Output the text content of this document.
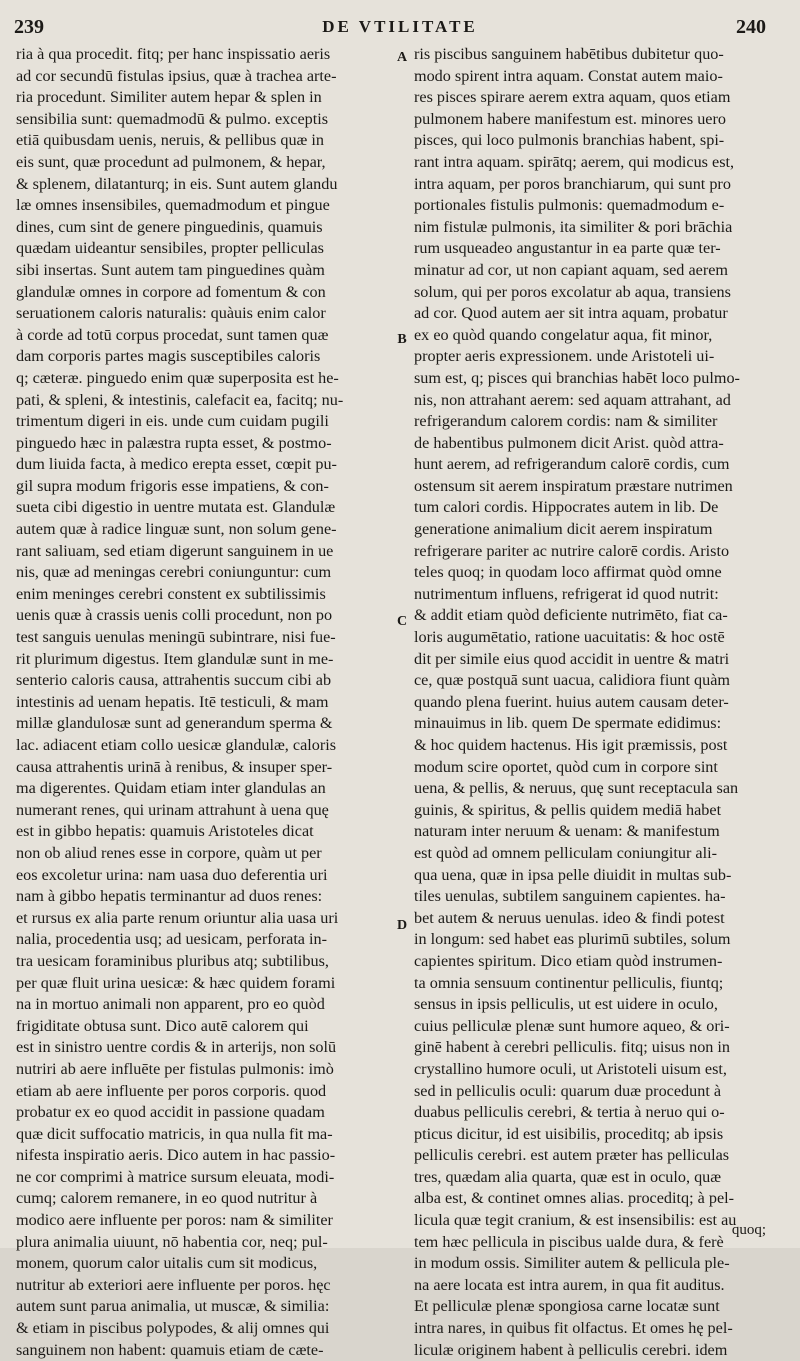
239	DE VTILITATE	240
ria à qua procedit. fitq; per hanc inspissatio aeris
ad cor secundū fistulas ipsius, quæ à trachea arte-
ria procedunt. Similiter autem hepar & splen in
sensibilia sunt: quemadmodū & pulmo. exceptis
etiā quibusdam uenis, neruis, & pellibus quæ in
eis sunt, quæ procedunt ad pulmonem, & hepar,
& splenem, dilatanturq; in eis. Sunt autem glandu
læ omnes insensibiles, quemadmodum et pingue
dines, cum sint de genere pinguedinis, quamuis
quædam uideantur sensibiles, propter pelliculas
sibi insertas. Sunt autem tam pinguedines quàm
glandulæ omnes in corpore ad fomentum & con
seruationem caloris naturalis: quàuis enim calor
à corde ad totū corpus procedat, sunt tamen quæ
dam corporis partes magis susceptibiles caloris
q; cæteræ. pinguedo enim quæ superposita est he-
pati, & spleni, & intestinis, calefacit ea, facitq; nu-
trimentum digeri in eis. unde cum cuidam pugili
pinguedo hæc in palæstra rupta esset, & postmo-
dum liuida facta, à medico erepta esset, cœpit pu-
gil supra modum frigoris esse impatiens, & con-
sueta cibi digestio in uentre mutata est. Glandulæ
autem quæ à radice linguæ sunt, non solum gene-
rant saliuam, sed etiam digerunt sanguinem in ue
nis, quæ ad meningas cerebri coniunguntur: cum
enim meninges cerebri constent ex subtilissimis
uenis quæ à crassis uenis colli procedunt, non po
test sanguis uenulas meningū subintrare, nisi fue-
rit plurimum digestus. Item glandulæ sunt in me-
senterio caloris causa, attrahentis succum cibi ab
intestinis ad uenam hepatis. Itē testiculi, & mam
millæ glandulosæ sunt ad generandum sperma &
lac. adiacent etiam collo uesicæ glandulæ, caloris
causa attrahentis urinā à renibus, & insuper sper-
ma digerentes. Quidam etiam inter glandulas an
numerant renes, qui urinam attrahunt à uena quę
est in gibbo hepatis: quamuis Aristoteles dicat
non ob aliud renes esse in corpore, quàm ut per
eos excoletur urina: nam uasa duo deferentia uri
nam à gibbo hepatis terminantur ad duos renes:
et rursus ex alia parte renum oriuntur alia uasa uri
nalia, procedentia usq; ad uesicam, perforata in-
tra uesicam foraminibus pluribus atq; subtilibus,
per quæ fluit urina uesicæ: & hæc quidem forami
na in mortuo animali non apparent, pro eo quòd
frigiditate obtusa sunt. Dico autē calorem qui
est in sinistro uentre cordis & in arterijs, non solū
nutriri ab aere influēte per fistulas pulmonis: imò
etiam ab aere influente per poros corporis. quod
probatur ex eo quod accidit in passione quadam
quæ dicit suffocatio matricis, in qua nulla fit ma-
nifesta inspiratio aeris. Dico autem in hac passio-
ne cor comprimi à matrice sursum eleuata, modi-
cumq; calorem remanere, in eo quod nutritur à
modico aere influente per poros: nam & similiter
plura animalia uiuunt, nō habentia cor, neq; pul-
monem, quorum calor uitalis cum sit modicus,
nutritur ab exteriori aere influente per poros. hęc
autem sunt parua animalia, ut muscæ, & similia:
& etiam in piscibus polypodes, & alij omnes qui
sanguinem non habent: quamuis etiam de cæte-
ris piscibus sanguinem habētibus dubitetur quo-
modo spirent intra aquam. Constat autem maio-
res pisces spirare aerem extra aquam, quos etiam
pulmonem habere manifestum est. minores uero
pisces, qui loco pulmonis branchias habent, spi-
rant intra aquam. spirātq; aerem, qui modicus est,
intra aquam, per poros branchiarum, qui sunt pro
portionales fistulis pulmonis: quemadmodum e-
nim fistulæ pulmonis, ita similiter & pori brāchia
rum usqueadeo angustantur in ea parte quæ ter-
minatur ad cor, ut non capiant aquam, sed aerem
solum, qui per poros excolatur ab aqua, transiens
ad cor. Quod autem aer sit intra aquam, probatur
ex eo quòd quando congelatur aqua, fit minor,
propter aeris expressionem. unde Aristoteli ui-
sum est, q; pisces qui branchias habēt loco pulmo-
nis, non attrahant aerem: sed aquam attrahant, ad
refrigerandum calorem cordis: nam & similiter
de habentibus pulmonem dicit Arist. quòd attra-
hunt aerem, ad refrigerandum calorē cordis, cum
ostensum sit aerem inspiratum præstare nutrimen
tum calori cordis. Hippocrates autem in lib. De
generatione animalium dicit aerem inspiratum
refrigerare pariter ac nutrire calorē cordis. Aristo
teles quoq; in quodam loco affirmat quòd omne
nutrimentum influens, refrigerat id quod nutrit:
& addit etiam quòd deficiente nutrimēto, fiat ca-
loris augumētatio, ratione uacuitatis: & hoc ostē
dit per simile eius quod accidit in uentre & matri
ce, quæ postquā sunt uacua, calidiora fiunt quàm
quando plena fuerint. huius autem causam deter-
minauimus in lib. quem De spermate edidimus:
& hoc quidem hactenus. His igit præmissis, post
modum scire oportet, quòd cum in corpore sint
uena, & pellis, & neruus, quę sunt receptacula san
guinis, & spiritus, & pellis quidem mediā habet
naturam inter neruum & uenam: & manifestum
est quòd ad omnem pelliculam coniungitur ali-
qua uena, quæ in ipsa pelle diuidit in multas sub-
tiles uenulas, subtilem sanguinem capientes. ha-
bet autem & neruus uenulas. ideo & findi potest
in longum: sed habet eas plurimū subtiles, solum
capientes spiritum. Dico etiam quòd instrumen-
ta omnia sensuum continentur pelliculis, fiuntq;
sensus in ipsis pelliculis, ut est uidere in oculo,
cuius pelliculæ plenæ sunt humore aqueo, & ori-
ginē habent à cerebri pelliculis. fitq; uisus non in
crystallino humore oculi, ut Aristoteli uisum est,
sed in pelliculis oculi: quarum duæ procedunt à
duabus pelliculis cerebri, & tertia à neruo qui o-
pticus dicitur, id est uisibilis, proceditq; ab ipsis
pelliculis cerebri. est autem præter has pelliculas
tres, quædam alia quarta, quæ est in oculo, quæ
alba est, & continet omnes alias. proceditq; à pel-
licula quæ tegit cranium, & est insensibilis: est au
tem hæc pellicula in piscibus ualde dura, & ferè
in modum ossis. Similiter autem & pellicula ple-
na aere locata est intra aurem, in qua fit auditus.
Et pelliculæ plenæ spongiosa carne locatæ sunt
intra nares, in quibus fit olfactus. Et omes hę pel-
liculæ originem habent à pelliculis cerebri. idem
A
B
C
D
quoq;
